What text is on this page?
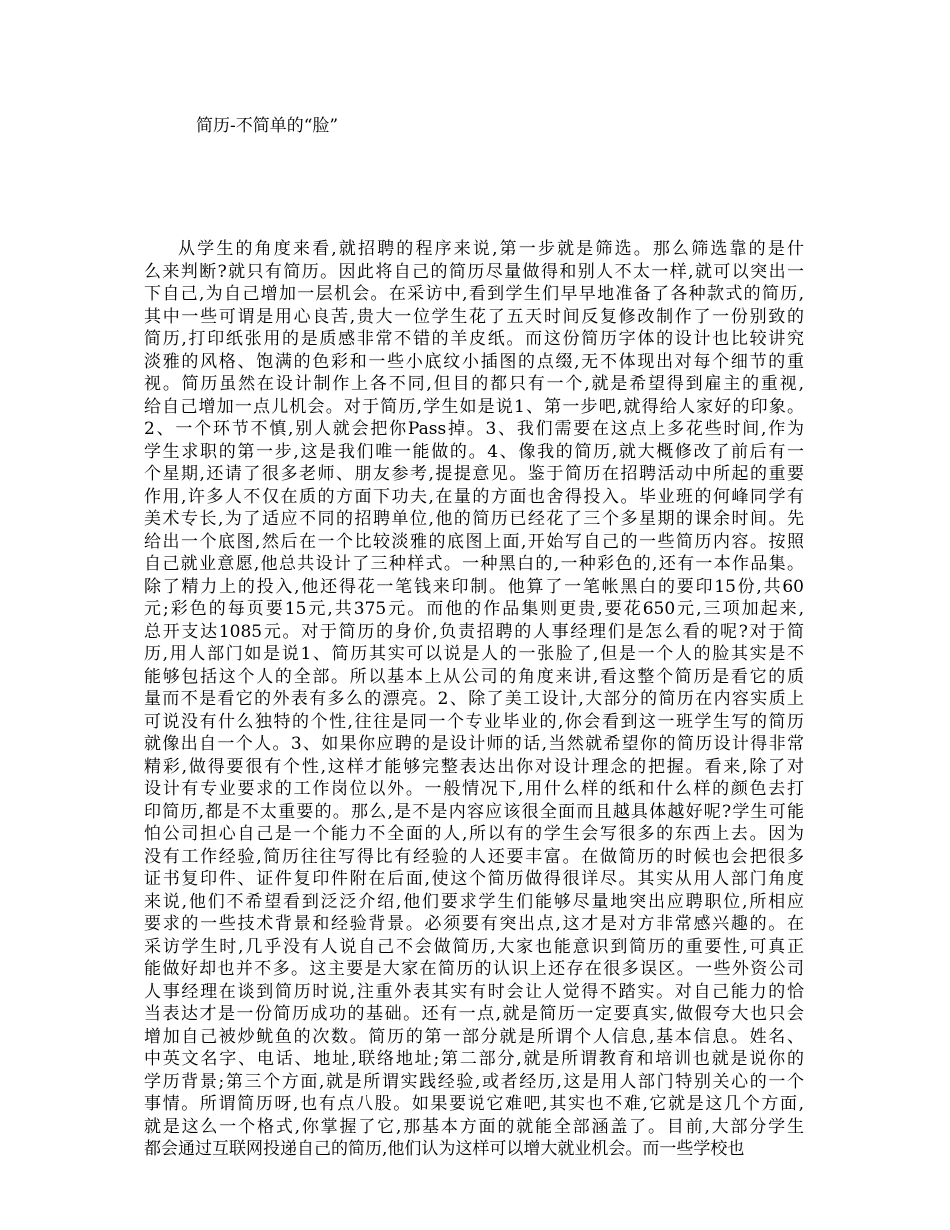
简历-不简单的“脸”
从学生的角度来看,就招聘的程序来说,第一步就是筛选。那么筛选靠的是什
么来判断?就只有简历。因此将自己的简历尽量做得和别人不太一样,就可以突出一
下自己,为自己增加一层机会。在采访中,看到学生们早早地准备了各种款式的简历,
其中一些可谓是用心良苦,贵大一位学生花了五天时间反复修改制作了一份别致的
简历,打印纸张用的是质感非常不错的羊皮纸。而这份简历字体的设计也比较讲究
淡雅的风格、饱满的色彩和一些小底纹小插图的点缀,无不体现出对每个细节的重
视。简历虽然在设计制作上各不同,但目的都只有一个,就是希望得到雇主的重视,
给自己增加一点儿机会。对于简历,学生如是说1、第一步吧,就得给人家好的印象。
2、一个环节不慎,别人就会把你Pass掉。3、我们需要在这点上多花些时间,作为
学生求职的第一步,这是我们唯一能做的。4、像我的简历,就大概修改了前后有一
个星期,还请了很多老师、朋友参考,提提意见。鉴于简历在招聘活动中所起的重要
作用,许多人不仅在质的方面下功夫,在量的方面也舍得投入。毕业班的何峰同学有
美术专长,为了适应不同的招聘单位,他的简历已经花了三个多星期的课余时间。先
给出一个底图,然后在一个比较淡雅的底图上面,开始写自己的一些简历内容。按照
自己就业意愿,他总共设计了三种样式。一种黑白的,一种彩色的,还有一本作品集。
除了精力上的投入,他还得花一笔钱来印制。他算了一笔帐黑白的要印15份,共60
元;彩色的每页要15元,共375元。而他的作品集则更贵,要花650元,三项加起来,
总开支达1085元。对于简历的身价,负责招聘的人事经理们是怎么看的呢?对于简
历,用人部门如是说1、简历其实可以说是人的一张脸了,但是一个人的脸其实是不
能够包括这个人的全部。所以基本上从公司的角度来讲,看这整个简历是看它的质
量而不是看它的外表有多么的漂亮。2、除了美工设计,大部分的简历在内容实质上
可说没有什么独特的个性,往往是同一个专业毕业的,你会看到这一班学生写的简历
就像出自一个人。3、如果你应聘的是设计师的话,当然就希望你的简历设计得非常
精彩,做得要很有个性,这样才能够完整表达出你对设计理念的把握。看来,除了对
设计有专业要求的工作岗位以外。一般情况下,用什么样的纸和什么样的颜色去打
印简历,都是不太重要的。那么,是不是内容应该很全面而且越具体越好呢?学生可能
怕公司担心自己是一个能力不全面的人,所以有的学生会写很多的东西上去。因为
没有工作经验,简历往往写得比有经验的人还要丰富。在做简历的时候也会把很多
证书复印件、证件复印件附在后面,使这个简历做得很详尽。其实从用人部门角度
来说,他们不希望看到泛泛介绍,他们要求学生们能够尽量地突出应聘职位,所相应
要求的一些技术背景和经验背景。必须要有突出点,这才是对方非常感兴趣的。在
采访学生时,几乎没有人说自己不会做简历,大家也能意识到简历的重要性,可真正
能做好却也并不多。这主要是大家在简历的认识上还存在很多误区。一些外资公司
人事经理在谈到简历时说,注重外表其实有时会让人觉得不踏实。对自己能力的恰
当表达才是一份简历成功的基础。还有一点,就是简历一定要真实,做假夸大也只会
增加自己被炒鱿鱼的次数。简历的第一部分就是所谓个人信息,基本信息。姓名、
中英文名字、电话、地址,联络地址;第二部分,就是所谓教育和培训也就是说你的
学历背景;第三个方面,就是所谓实践经验,或者经历,这是用人部门特别关心的一个
事情。所谓简历呀,也有点八股。如果要说它难吧,其实也不难,它就是这几个方面,
就是这么一个格式,你掌握了它,那基本方面的就能全部涵盖了。目前,大部分学生
都会通过互联网投递自己的简历,他们认为这样可以增大就业机会。而一些学校也
